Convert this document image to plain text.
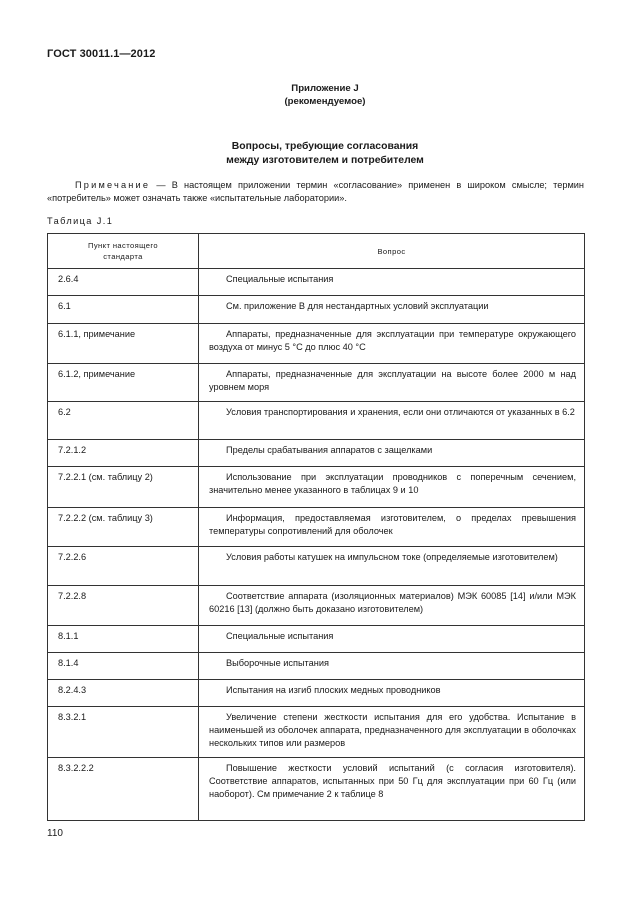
ГОСТ 30011.1—2012
Приложение J
(рекомендуемое)
Вопросы, требующие согласования
между изготовителем и потребителем
Примечание — В настоящем приложении термин «согласование» применен в широком смысле; термин «потребитель» может означать также «испытательные лаборатории».
Таблица J.1
Пункт настоящего
стандарта	Вопрос
2.6.4	Специальные испытания
6.1	См. приложение В для нестандартных условий эксплуатации
6.1.1, примечание	Аппараты, предназначенные для эксплуатации при температуре окружающего воздуха от минус 5 °С до плюс 40 °С
6.1.2, примечание	Аппараты, предназначенные для эксплуатации на высоте более 2000 м над уровнем моря
6.2	Условия транспортирования и хранения, если они отличаются от указанных в 6.2
7.2.1.2	Пределы срабатывания аппаратов с защелками
7.2.2.1 (см. таблицу 2)	Использование при эксплуатации проводников с поперечным сечением, значительно менее указанного в таблицах 9 и 10
7.2.2.2 (см. таблицу 3)	Информация, предоставляемая изготовителем, о пределах превышения температуры сопротивлений для оболочек
7.2.2.6	Условия работы катушек на импульсном токе (определяемые изготовителем)
7.2.2.8	Соответствие аппарата (изоляционных материалов) МЭК 60085 [14] и/или МЭК 60216 [13] (должно быть доказано изготовителем)
8.1.1	Специальные испытания
8.1.4	Выборочные испытания
8.2.4.3	Испытания на изгиб плоских медных проводников
8.3.2.1	Увеличение степени жесткости испытания для его удобства. Испытание в наименьшей из оболочек аппарата, предназначенного для эксплуатации в оболочках нескольких типов или размеров
8.3.2.2.2	Повышение жесткости условий испытаний (с согласия изготовителя). Соответствие аппаратов, испытанных при 50 Гц для эксплуатации при 60 Гц (или наоборот). См примечание 2 к таблице 8
110
